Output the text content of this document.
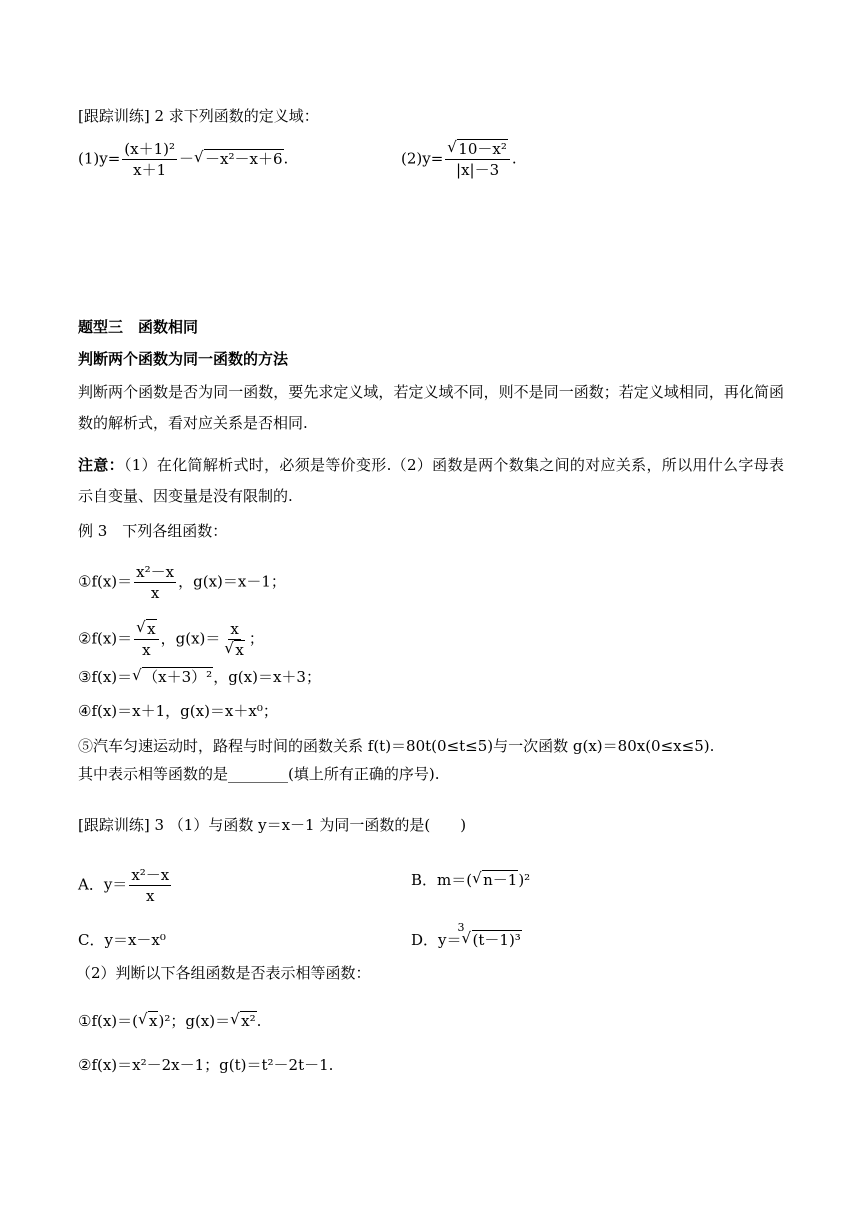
[跟踪训练] 2 求下列函数的定义域：
$(1)y= \frac{\text{(x＋1)²}}{x+1}$ － √ －x²－x＋6.	(2)y= √ $\frac{\text{10－x²}}{|x|-3}$ .
题型三　函数相同
判断两个函数为同一函数的方法
判断两个函数是否为同一函数，要先求定义域，若定义域不同，则不是同一函数；若定义域相同，再化简函数的解析式，看对应关系是否相同.
注意：（1）在化简解析式时，必须是等价变形.（2）函数是两个数集之间的对应关系，所以用什么字母表示自变量、因变量是没有限制的.
例 3　下列各组函数：
①f(x)＝ $\frac{\text{x²－x}}{x}$ ，g(x)＝x－1；
②f(x)＝ √ $\frac{x}{x}$ ，g(x)＝ x
√ x ；
③f(x)＝ √ （x＋3）²，g(x)＝x＋3；
④f(x)＝x＋1，g(x)＝x＋x⁰；
⑤汽车匀速运动时，路程与时间的函数关系 f(t)＝80t(0≤t≤5)与一次函数 g(x)＝80x(0≤x≤5).
其中表示相等函数的是________(填上所有正确的序号).
[跟踪训练] 3 （1）与函数 y＝x－1 为同一函数的是(　　)
A．$y= \frac{\text{x²－x}}{x}$	B．m＝( √ n－1)²
C．y＝x－x⁰	D．y＝
√ 3
(t－1)³
（2）判断以下各组函数是否表示相等函数：
①f(x)＝( √ x)²；g(x)＝ √ x².
②f(x)＝x²－2x－1；g(t)＝t²－2t－1.
